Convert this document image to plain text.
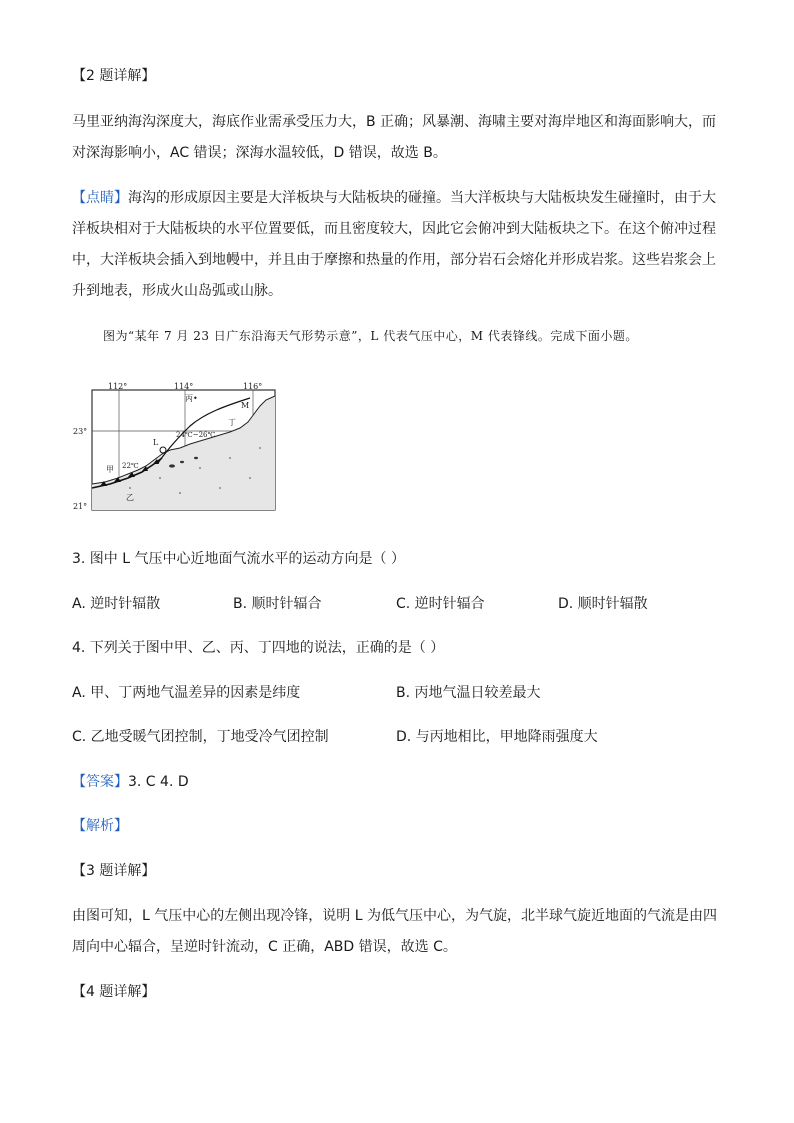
【2 题详解】
马里亚纳海沟深度大，海底作业需承受压力大，B 正确；风暴潮、海啸主要对海岸地区和海面影响大，而
对深海影响小，AC 错误；深海水温较低，D 错误，故选 B。
【点睛】海沟的形成原因主要是大洋板块与大陆板块的碰撞。当大洋板块与大陆板块发生碰撞时，由于大
洋板块相对于大陆板块的水平位置要低，而且密度较大，因此它会俯冲到大陆板块之下。在这个俯冲过程
中，大洋板块会插入到地幔中，并且由于摩擦和热量的作用，部分岩石会熔化并形成岩浆。这些岩浆会上
升到地表，形成火山岛弧或山脉。
图为“某年 7 月 23 日广东沿海天气形势示意”，L 代表气压中心，M 代表锋线。完成下面小题。
112°	114°	116°
23°
21°
丙•
丁
M
L
24℃~26℃
22℃
甲
乙
3. 图中 L 气压中心近地面气流水平的运动方向是（ ）
A. 逆时针辐散	B. 顺时针辐合	C. 逆时针辐合	D. 顺时针辐散
4. 下列关于图中甲、乙、丙、丁四地的说法，正确的是（ ）
A. 甲、丁两地气温差异的因素是纬度	B. 丙地气温日较差最大
C. 乙地受暖气团控制，丁地受冷气团控制	D. 与丙地相比，甲地降雨强度大
【答案】3. C 4. D
【解析】
【3 题详解】
由图可知，L 气压中心的左侧出现冷锋，说明 L 为低气压中心，为气旋，北半球气旋近地面的气流是由四
周向中心辐合，呈逆时针流动，C 正确，ABD 错误，故选 C。
【4 题详解】
